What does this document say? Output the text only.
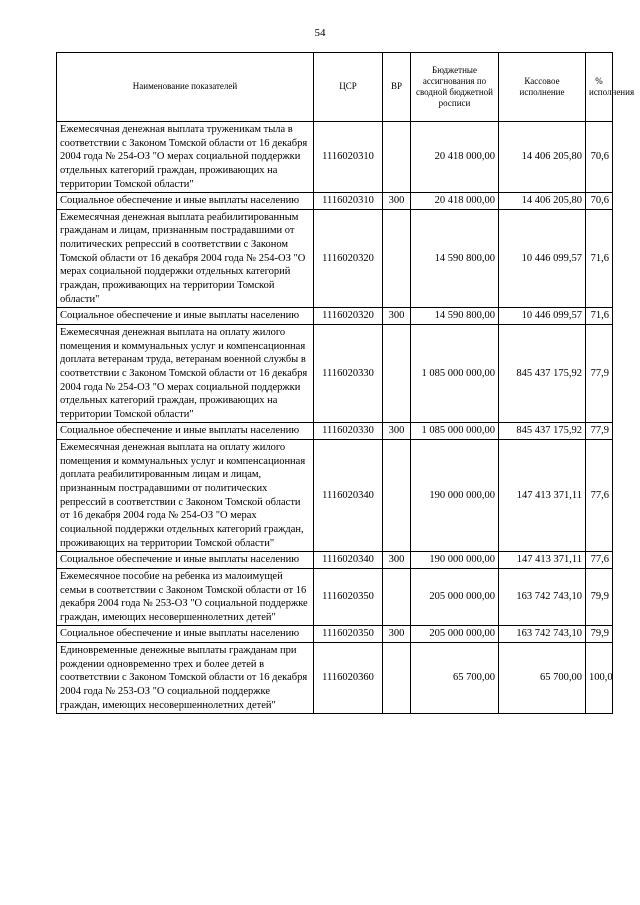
54
Наименование показателей	ЦСР	ВР	Бюджетные ассигнования по сводной бюджетной росписи	Кассовое исполнение	% исполнения
Ежемесячная денежная выплата труженикам тыла в соответствии с Законом Томской области от 16 декабря 2004 года № 254-ОЗ "О мерах социальной поддержки отдельных категорий граждан, проживающих на территории Томской области"	1116020310		20 418 000,00	14 406 205,80	70,6
Социальное обеспечение и иные выплаты населению	1116020310	300	20 418 000,00	14 406 205,80	70,6
Ежемесячная денежная выплата реабилитированным гражданам и лицам, признанным пострадавшими от политических репрессий в соответствии с Законом Томской области от 16 декабря 2004 года № 254-ОЗ "О мерах социальной поддержки отдельных категорий граждан, проживающих на территории Томской области"	1116020320		14 590 800,00	10 446 099,57	71,6
Социальное обеспечение и иные выплаты населению	1116020320	300	14 590 800,00	10 446 099,57	71,6
Ежемесячная денежная выплата на оплату жилого помещения и коммунальных услуг и компенсационная доплата ветеранам труда, ветеранам военной службы в соответствии с Законом Томской области от 16 декабря 2004 года № 254-ОЗ "О мерах социальной поддержки отдельных категорий граждан, проживающих на территории Томской области"	1116020330		1 085 000 000,00	845 437 175,92	77,9
Социальное обеспечение и иные выплаты населению	1116020330	300	1 085 000 000,00	845 437 175,92	77,9
Ежемесячная денежная выплата на оплату жилого помещения и коммунальных услуг и компенсационная доплата реабилитированным лицам и лицам, признанным пострадавшими от политических репрессий в соответствии с Законом Томской области от 16 декабря 2004 года № 254-ОЗ "О мерах социальной поддержки отдельных категорий граждан, проживающих на территории Томской области"	1116020340		190 000 000,00	147 413 371,11	77,6
Социальное обеспечение и иные выплаты населению	1116020340	300	190 000 000,00	147 413 371,11	77,6
Ежемесячное пособие на ребенка из малоимущей семьи в соответствии с Законом Томской области от 16 декабря 2004 года № 253-ОЗ "О социальной поддержке граждан, имеющих несовершеннолетних детей"	1116020350		205 000 000,00	163 742 743,10	79,9
Социальное обеспечение и иные выплаты населению	1116020350	300	205 000 000,00	163 742 743,10	79,9
Единовременные денежные выплаты гражданам при рождении одновременно трех и более детей в соответствии с Законом Томской области от 16 декабря 2004 года № 253-ОЗ "О социальной поддержке граждан, имеющих несовершеннолетних детей"	1116020360		65 700,00	65 700,00	100,0
